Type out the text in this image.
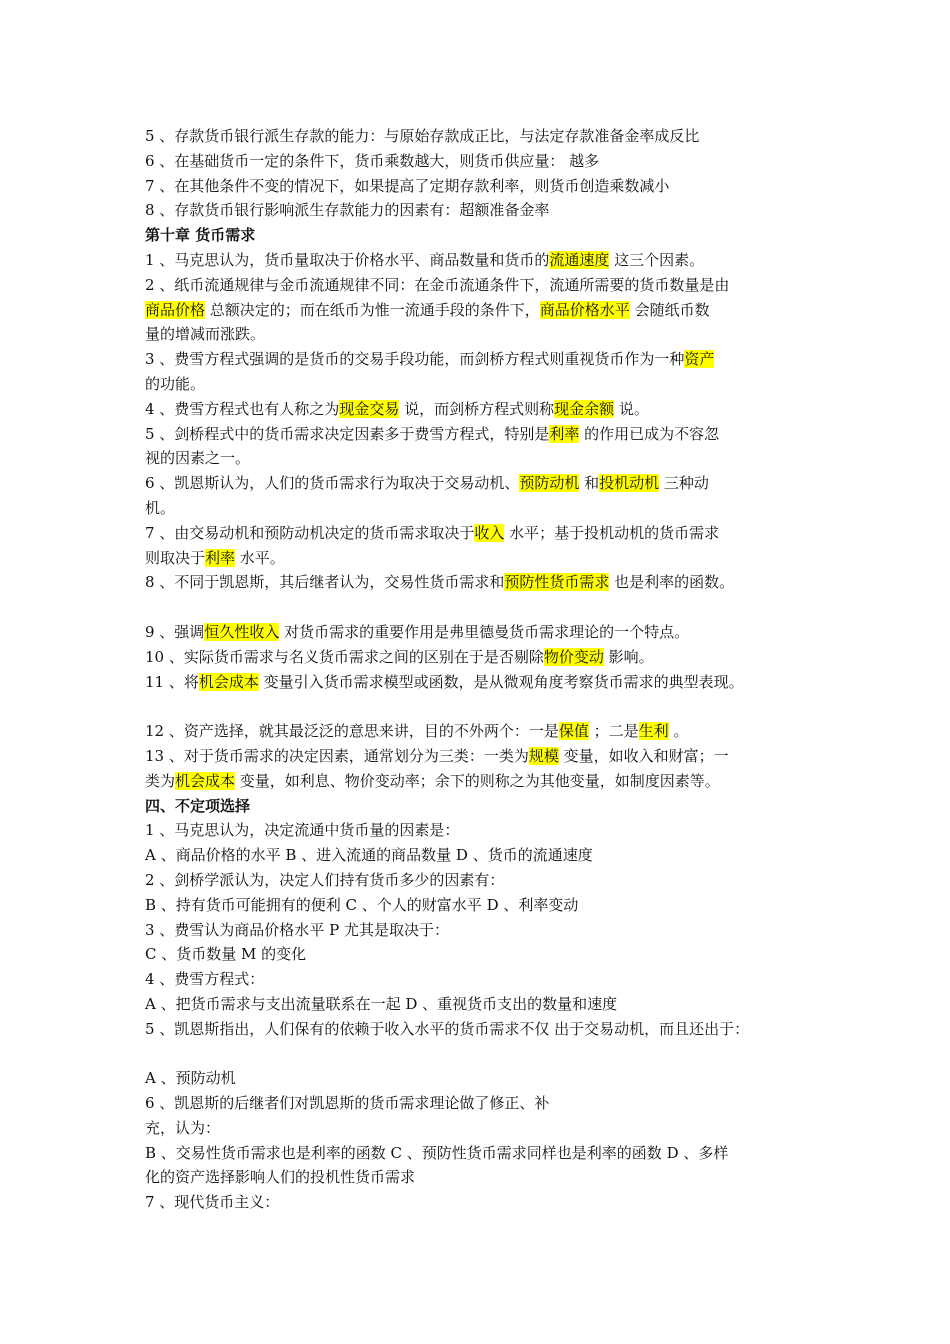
5 、存款货币银行派生存款的能力：与原始存款成正比，与法定存款准备金率成反比
6 、在基础货币一定的条件下，货币乘数越大，则货币供应量： 越多
7 、在其他条件不变的情况下，如果提高了定期存款利率，则货币创造乘数减小
8 、存款货币银行影响派生存款能力的因素有：超额准备金率
第十章 货币需求
1 、马克思认为，货币量取决于价格水平、商品数量和货币的流通速度 这三个因素。
2 、纸币流通规律与金币流通规律不同：在金币流通条件下，流通所需要的货币数量是由
商品价格 总额决定的；而在纸币为惟一流通手段的条件下，商品价格水平 会随纸币数
量的增减而涨跌。
3 、费雪方程式强调的是货币的交易手段功能，而剑桥方程式则重视货币作为一种资产
的功能。
4 、费雪方程式也有人称之为现金交易 说，而剑桥方程式则称现金余额 说。
5 、剑桥程式中的货币需求决定因素多于费雪方程式，特别是利率 的作用已成为不容忽
视的因素之一。
6 、凯恩斯认为，人们的货币需求行为取决于交易动机、预防动机 和投机动机 三种动
机。
7 、由交易动机和预防动机决定的货币需求取决于收入 水平；基于投机动机的货币需求
则取决于利率 水平。
8 、不同于凯恩斯，其后继者认为，交易性货币需求和预防性货币需求 也是利率的函数。
9 、强调恒久性收入 对货币需求的重要作用是弗里德曼货币需求理论的一个特点。
10 、实际货币需求与名义货币需求之间的区别在于是否剔除物价变动 影响。
11 、将机会成本 变量引入货币需求模型或函数，是从微观角度考察货币需求的典型表现。
12 、资产选择，就其最泛泛的意思来讲，目的不外两个：一是保值 ；二是生利 。
13 、对于货币需求的决定因素，通常划分为三类：一类为规模 变量，如收入和财富；一
类为机会成本 变量，如利息、物价变动率；余下的则称之为其他变量，如制度因素等。
四、不定项选择
1 、马克思认为，决定流通中货币量的因素是：
A 、商品价格的水平 B 、进入流通的商品数量 D 、货币的流通速度
2 、剑桥学派认为，决定人们持有货币多少的因素有：
B 、持有货币可能拥有的便利 C 、个人的财富水平 D 、利率变动
3 、费雪认为商品价格水平 P 尤其是取决于：
C 、货币数量 M 的变化
4 、费雪方程式：
A 、把货币需求与支出流量联系在一起 D 、重视货币支出的数量和速度
5 、凯恩斯指出，人们保有的依赖于收入水平的货币需求不仅 出于交易动机，而且还出于：
A 、预防动机
6 、凯恩斯的后继者们对凯恩斯的货币需求理论做了修正、补
充，认为：
B 、交易性货币需求也是利率的函数 C 、预防性货币需求同样也是利率的函数 D 、多样
化的资产选择影响人们的投机性货币需求
7 、现代货币主义：
